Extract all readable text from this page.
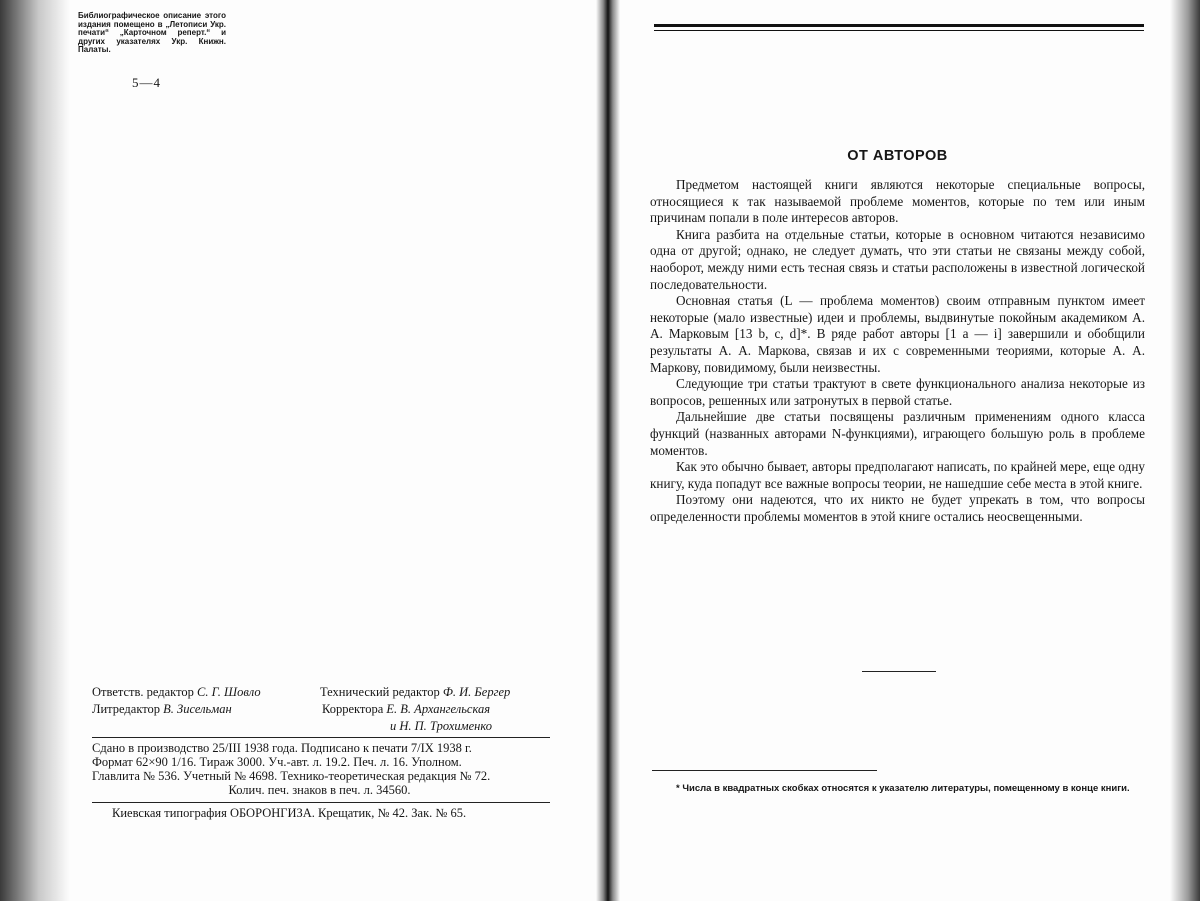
Библиографическое описание этого издания помещено в „Летописи Укр. печати“ „Карточном реперт.“ и других указателях Укр. Книжн. Палаты.
5—4
Ответств. редактор С. Г. Шовло	Технический редактор Ф. И. Бергер
Литредактор В. Зисельман	Корректора Е. В. Архангельская
и Н. П. Трохименко
Сдано в производство 25/III 1938 года. Подписано к печати 7/IX 1938 г.
Формат 62×90 1/16. Тираж 3000. Уч.-авт. л. 19.2. Печ. л. 16. Уполном.
Главлита № 536. Учетный № 4698. Технико-теоретическая редакция № 72.
Колич. печ. знаков в печ. л. 34560.
Киевская типография ОБОРОНГИЗА. Крещатик, № 42. Зак. № 65.
ОТ АВТОРОВ

Предметом настоящей книги являются некоторые специальные вопросы, относящиеся к так называемой проблеме моментов, которые по тем или иным причинам попали в поле интересов авторов.

Книга разбита на отдельные статьи, которые в основном читаются независимо одна от другой; однако, не следует думать, что эти статьи не связаны между собой, наоборот, между ними есть тесная связь и статьи расположены в известной логической последовательности.

Основная статья (L — проблема моментов) своим отправным пунктом имеет некоторые (мало известные) идеи и проблемы, выдвинутые покойным академиком А. А. Марковым [13 b, c, d]*. В ряде работ авторы [1 a — i] завершили и обобщили результаты А. А. Маркова, связав и их с современными теориями, которые А. А. Маркову, повидимому, были неизвестны.

Следующие три статьи трактуют в свете функционального анализа некоторые из вопросов, решенных или затронутых в первой статье.

Дальнейшие две статьи посвящены различным применениям одного класса функций (названных авторами N-функциями), играющего большую роль в проблеме моментов.

Как это обычно бывает, авторы предполагают написать, по крайней мере, еще одну книгу, куда попадут все важные вопросы теории, не нашедшие себе места в этой книге.

Поэтому они надеются, что их никто не будет упрекать в том, что вопросы определенности проблемы моментов в этой книге остались неосвещенными.

* Числа в квадратных скобках относятся к указателю литературы, помещенному в конце книги.
